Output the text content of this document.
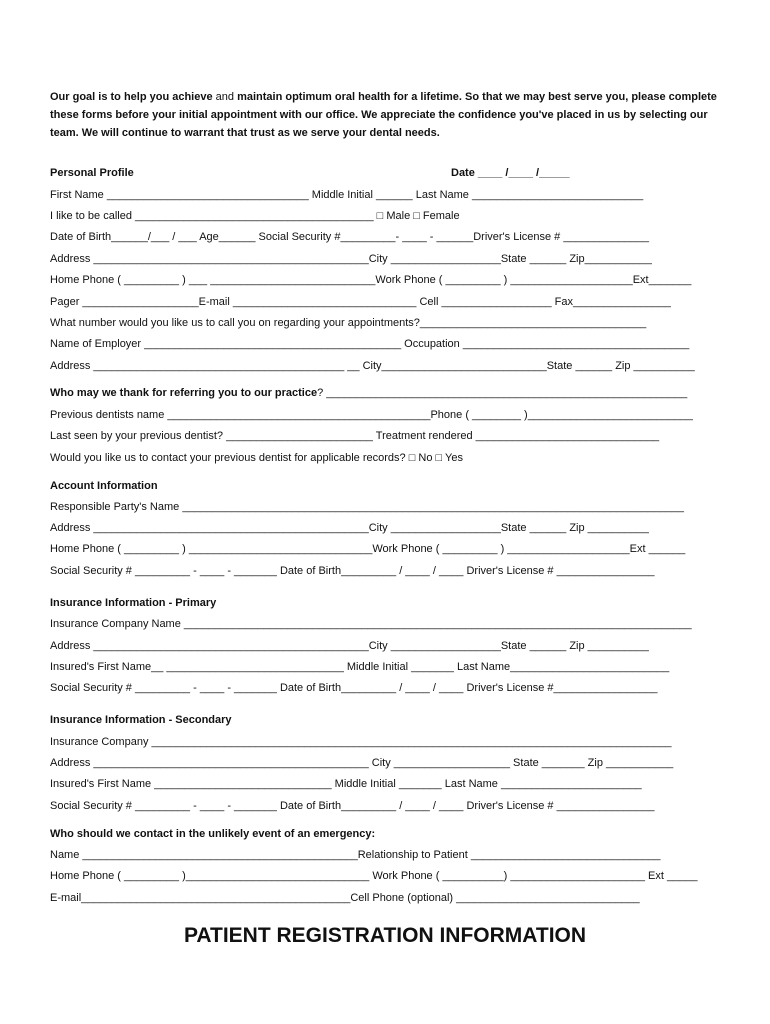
Our goal is to help you achieve and maintain optimum oral health for a lifetime. So that we may best serve you, please complete these forms before your initial appointment with our office. We appreciate the confidence you've placed in us by selecting our team. We will continue to warrant that trust as we serve your dental needs.
Personal Profile	Date ____ /____ /_____
First Name _________________________________ Middle Initial ______ Last Name ____________________________
I like to be called _______________________________________ □ Male □ Female
Date of Birth______/___ / ___ Age______ Social Security #_________- ____ - ______Driver's License # ______________
Address _____________________________________________City __________________State ______ Zip___________
Home Phone ( _________ ) ___ ___________________________Work Phone ( _________ ) ____________________Ext_______
Pager ___________________E-mail ______________________________ Cell __________________ Fax________________
What number would you like us to call you on regarding your appointments?_____________________________________
Name of Employer __________________________________________ Occupation _____________________________________
Address _________________________________________ __ City___________________________State ______ Zip __________
Who may we thank for referring you to our practice? ___________________________________________________________
Previous dentists name ___________________________________________Phone ( ________ )___________________________
Last seen by your previous dentist? ________________________ Treatment rendered ______________________________
Would you like us to contact your previous dentist for applicable records? □ No □ Yes
Account Information
Responsible Party's Name __________________________________________________________________________________
Address _____________________________________________City __________________State ______ Zip __________
Home Phone ( _________ ) ______________________________Work Phone ( _________ ) ____________________Ext ______
Social Security # _________ - ____ - _______ Date of Birth_________ / ____ / ____ Driver's License # ________________
Insurance Information - Primary
Insurance Company Name ___________________________________________________________________________________
Address _____________________________________________City __________________State ______ Zip __________
Insured's First Name__ _____________________________ Middle Initial _______ Last Name__________________________
Social Security # _________ - ____ - _______ Date of Birth_________ / ____ / ____ Driver's License #_________________
Insurance Information - Secondary
Insurance Company _____________________________________________________________________________________
Address _____________________________________________ City ___________________ State _______ Zip ___________
Insured's First Name _____________________________ Middle Initial _______ Last Name _______________________
Social Security # _________ - ____ - _______ Date of Birth_________ / ____ / ____ Driver's License # ________________
Who should we contact in the unlikely event of an emergency:
Name _____________________________________________Relationship to Patient _______________________________
Home Phone ( _________ )______________________________ Work Phone ( __________) ______________________ Ext _____
E-mail____________________________________________Cell Phone (optional) ______________________________
PATIENT REGISTRATION INFORMATION
